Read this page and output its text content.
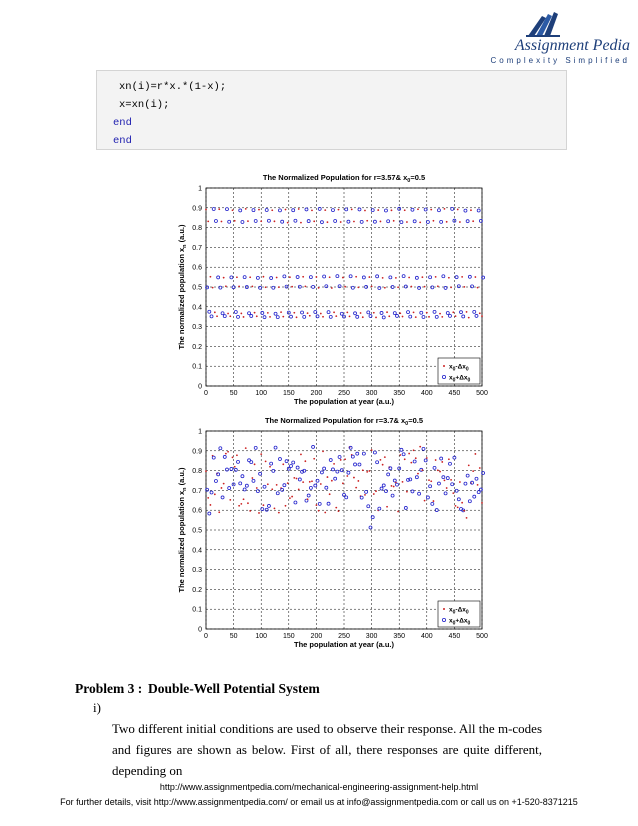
Assignment Pedia
Complexity Simplified
xn(i)=r*x.*(1-x);
x=xn(i);
end
end
The Normalized Population for r=3.57& $x_0=0.5$
0
0.1
0.2
0.3
0.4
0.5
0.6
0.7
0.8
0.9
1
0	50	100 150 200 250 300 350 400 450 500
The population at year (a.u.)
The normalized population $x_n$ (a.u.)
$x_0-\Delta x_0$
$x_0+\Delta x_0$
The Normalized Population for r=3.7& $x_0=0.5$
0
0.1
0.2
0.3
0.4
0.5
0.6
0.7
0.8
0.9
1
0	50	100 150 200 250 300 350 400 450 500
The population at year (a.u.)
The normalized population $x_n$ (a.u.)
$x_0-\Delta x_0$
$x_0+\Delta x_0$
Problem 3 : Double-Well Potential System
i)
Two different initial conditions are used to observe their response. All the m-codes and figures are shown as below. First of all, there responses are quite different, depending on
http://www.assignmentpedia.com/mechanical-engineering-assignment-help.html
For further details, visit http://www.assignmentpedia.com/ or email us at info@assignmentpedia.com or call us on +1-520-8371215
